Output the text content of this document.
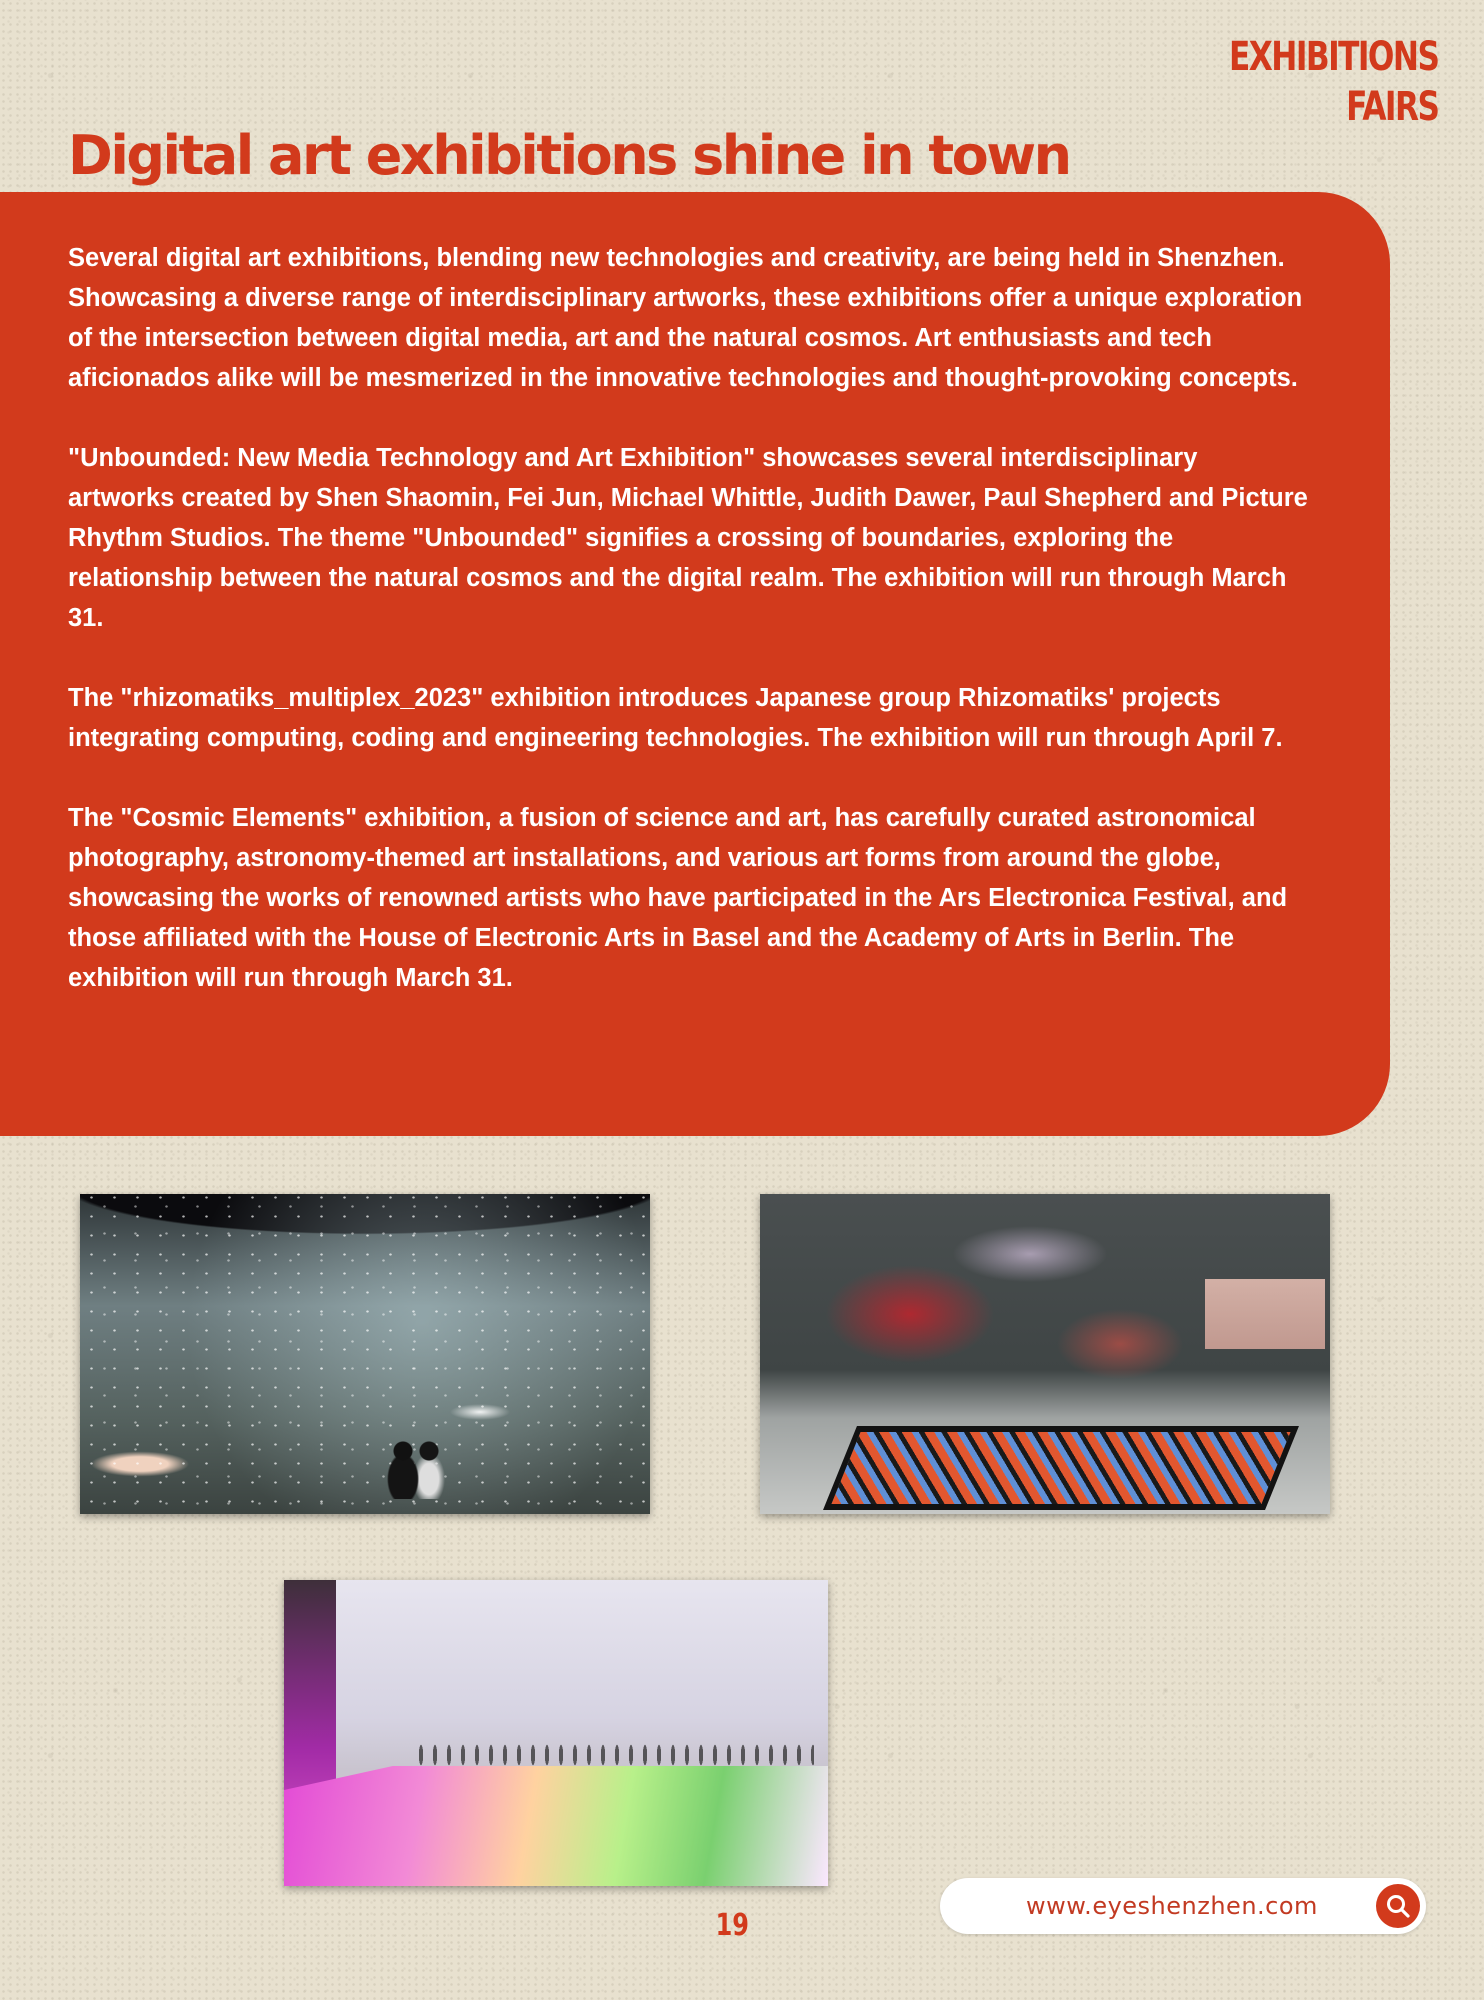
EXHIBITIONS
FAIRS
Digital art exhibitions shine in town

Several digital art exhibitions, blending new technologies and creativity, are being held in Shenzhen. Showcasing a diverse range of interdisciplinary artworks, these exhibitions offer a unique exploration of the intersection between digital media, art and the natural cosmos. Art enthusiasts and tech aficionados alike will be mesmerized in the innovative technologies and thought-provoking concepts.

"Unbounded: New Media Technology and Art Exhibition" showcases several interdisciplinary artworks created by Shen Shaomin, Fei Jun, Michael Whittle, Judith Dawer, Paul Shepherd and Picture Rhythm Studios. The theme "Unbounded" signifies a crossing of boundaries, exploring the relationship between the natural cosmos and the digital realm. The exhibition will run through March 31.

The "rhizomatiks_multiplex_2023" exhibition introduces Japanese group Rhizomatiks' projects integrating computing, coding and engineering technologies. The exhibition will run through April 7.

The "Cosmic Elements" exhibition, a fusion of science and art, has carefully curated astronomical photography, astronomy-themed art installations, and various art forms from around the globe, showcasing the works of renowned artists who have participated in the Ars Electronica Festival, and those affiliated with the House of Electronic Arts in Basel and the Academy of Arts in Berlin. The exhibition will run through March 31.

19
www.eyeshenzhen.com
